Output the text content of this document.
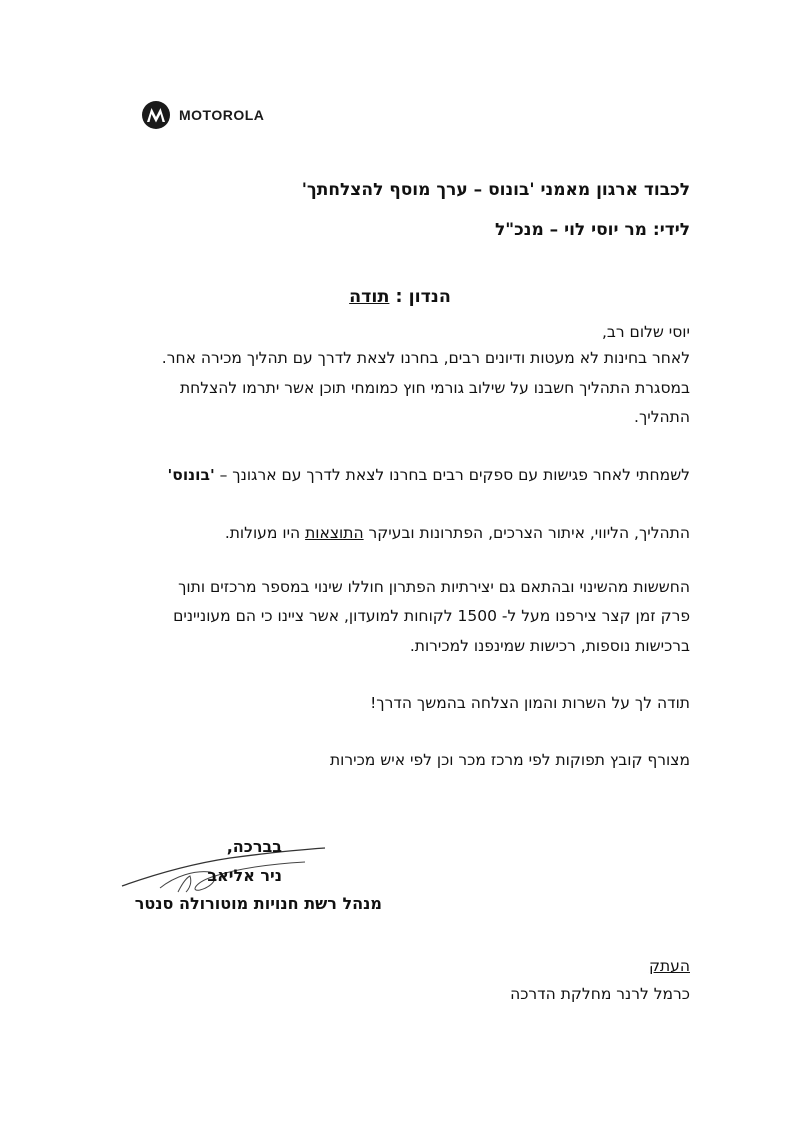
MOTOROLA
לכבוד ארגון מאמני 'בונוס – ערך מוסף להצלחתך'
לידי: מר יוסי לוי – מנכ"ל
הנדון : תודה
יוסי שלום רב,
לאחר בחינות לא מעטות ודיונים רבים, בחרנו לצאת לדרך עם תהליך מכירה אחר.
במסגרת התהליך חשבנו על שילוב גורמי חוץ כמומחי תוכן אשר יתרמו להצלחת
התהליך.
לשמחתי לאחר פגישות עם ספקים רבים בחרנו לצאת לדרך עם ארגונך – 'בונוס'
התהליך, הליווי, איתור הצרכים, הפתרונות ובעיקר התוצאות היו מעולות.
החששות מהשינוי ובהתאם גם יצירתיות הפתרון חוללו שינוי במספר מרכזים ותוך
פרק זמן קצר צירפנו מעל ל- 1500 לקוחות למועדון, אשר ציינו כי הם מעוניינים
ברכישות נוספות, רכישות שמינפנו למכירות.
תודה לך על השרות והמון הצלחה בהמשך הדרך!
מצורף קובץ תפוקות לפי מרכז מכר וכן לפי איש מכירות
בברכה,
ניר אליאב
מנהל רשת חנויות מוטורולה סנטר
העתק
כרמל לרנר מחלקת הדרכה
